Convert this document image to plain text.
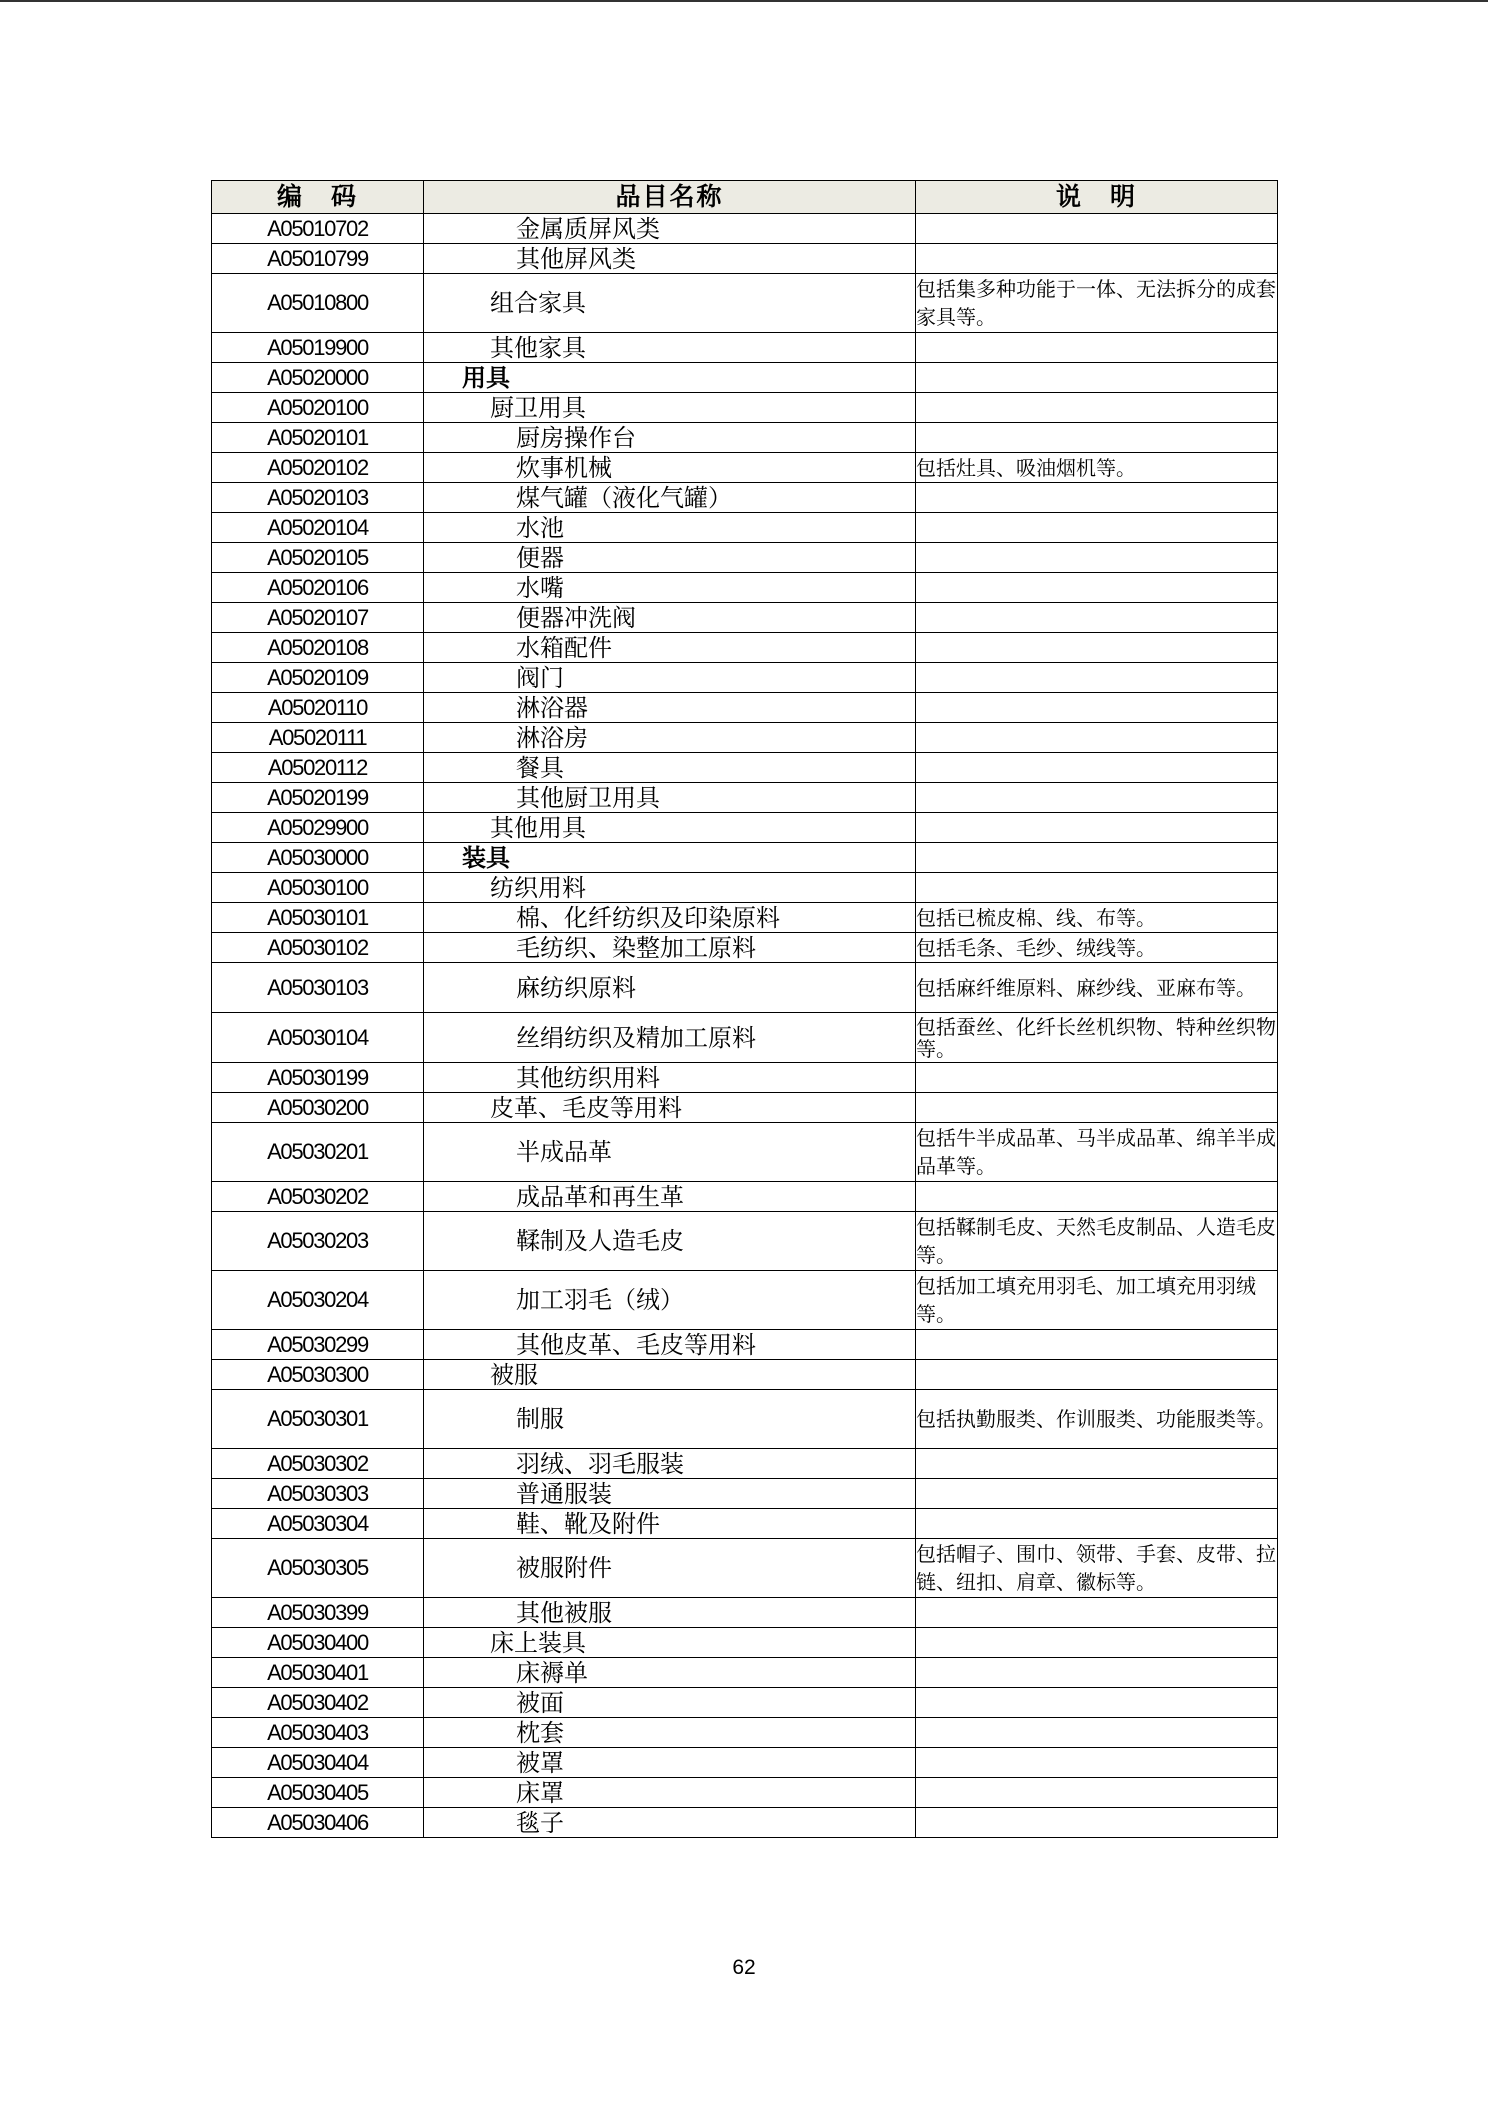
编　码	品目名称	说　明
A05010702	金属质屏风类	
A05010799	其他屏风类	
A05010800	组合家具	包括集多种功能于一体、无法拆分的成套家具等。
A05019900	其他家具	
A05020000	用具	
A05020100	厨卫用具	
A05020101	厨房操作台	
A05020102	炊事机械	包括灶具、吸油烟机等。
A05020103	煤气罐（液化气罐）	
A05020104	水池	
A05020105	便器	
A05020106	水嘴	
A05020107	便器冲洗阀	
A05020108	水箱配件	
A05020109	阀门	
A05020110	淋浴器	
A05020111	淋浴房	
A05020112	餐具	
A05020199	其他厨卫用具	
A05029900	其他用具	
A05030000	装具	
A05030100	纺织用料	
A05030101	棉、化纤纺织及印染原料	包括已梳皮棉、线、布等。
A05030102	毛纺织、染整加工原料	包括毛条、毛纱、绒线等。
A05030103	麻纺织原料	包括麻纤维原料、麻纱线、亚麻布等。
A05030104	丝绢纺织及精加工原料	包括蚕丝、化纤长丝机织物、特种丝织物等。
A05030199	其他纺织用料	
A05030200	皮革、毛皮等用料	
A05030201	半成品革	包括牛半成品革、马半成品革、绵羊半成品革等。
A05030202	成品革和再生革	
A05030203	鞣制及人造毛皮	包括鞣制毛皮、天然毛皮制品、人造毛皮等。
A05030204	加工羽毛（绒）	包括加工填充用羽毛、加工填充用羽绒等。
A05030299	其他皮革、毛皮等用料	
A05030300	被服	
A05030301	制服	包括执勤服类、作训服类、功能服类等。
A05030302	羽绒、羽毛服装	
A05030303	普通服装	
A05030304	鞋、靴及附件	
A05030305	被服附件	包括帽子、围巾、领带、手套、皮带、拉链、纽扣、肩章、徽标等。
A05030399	其他被服	
A05030400	床上装具	
A05030401	床褥单	
A05030402	被面	
A05030403	枕套	
A05030404	被罩	
A05030405	床罩	
A05030406	毯子	
62
